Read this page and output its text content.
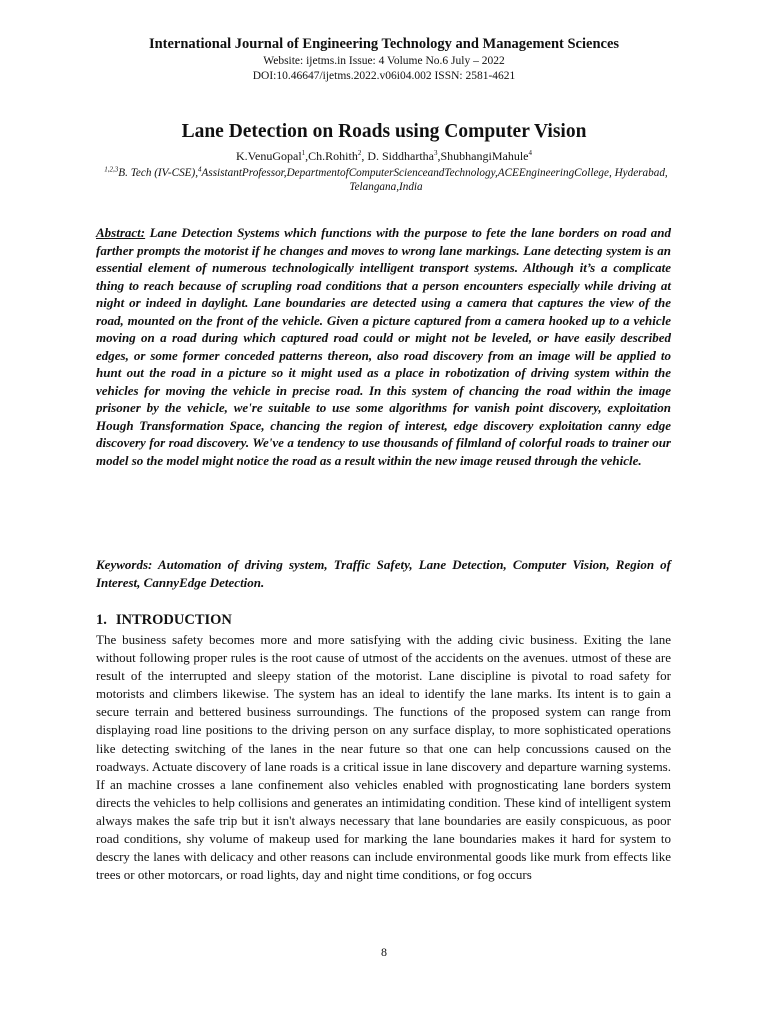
International Journal of Engineering Technology and Management Sciences
Website: ijetms.in Issue: 4 Volume No.6 July – 2022
DOI:10.46647/ijetms.2022.v06i04.002 ISSN: 2581-4621
Lane Detection on Roads using Computer Vision
K.VenuGopal$^1$,Ch.Rohith$^2$, D. Siddhartha$^3$,ShubhangiMahule$^4$
$^{1,2,3}$B. Tech (IV-CSE),$^4$AssistantProfessor,DepartmentofComputerScienceandTechnology,ACEEngineeringCollege, Hyderabad, Telangana,India
Abstract: Lane Detection Systems which functions with the purpose to fete the lane borders on road and farther prompts the motorist if he changes and moves to wrong lane markings. Lane detecting system is an essential element of numerous technologically intelligent transport systems. Although it’s a complicate thing to reach because of scrupling road conditions that a person encounters especially while driving at night or indeed in daylight. Lane boundaries are detected using a camera that captures the view of the road, mounted on the front of the vehicle. Given a picture captured from a camera hooked up to a vehicle moving on a road during which captured road could or might not be leveled, or have easily described edges, or some former conceded patterns thereon, also road discovery from an image will be applied to hunt out the road in a picture so it might used as a place in robotization of driving system within the vehicles for moving the vehicle in precise road. In this system of chancing the road within the image prisoner by the vehicle, we're suitable to use some algorithms for vanish point discovery, exploitation Hough Transformation Space, chancing the region of interest, edge discovery exploitation canny edge discovery for road discovery. We've a tendency to use thousands of filmland of colorful roads to trainer our model so the model might notice the road as a result within the new image reused through the vehicle.
Keywords: Automation of driving system, Traffic Safety, Lane Detection, Computer Vision, Region of Interest, CannyEdge Detection.
1. INTRODUCTION
The business safety becomes more and more satisfying with the adding civic business. Exiting the lane without following proper rules is the root cause of utmost of the accidents on the avenues. utmost of these are result of the interrupted and sleepy station of the motorist. Lane discipline is pivotal to road safety for motorists and climbers likewise. The system has an ideal to identify the lane marks. Its intent is to gain a secure terrain and bettered business surroundings. The functions of the proposed system can range from displaying road line positions to the driving person on any surface display, to more sophisticated operations like detecting switching of the lanes in the near future so that one can help concussions caused on the roadways. Actuate discovery of lane roads is a critical issue in lane discovery and departure warning systems. If an machine crosses a lane confinement also vehicles enabled with prognosticating lane borders system directs the vehicles to help collisions and generates an intimidating condition. These kind of intelligent system always makes the safe trip but it isn't always necessary that lane boundaries are easily conspicuous, as poor road conditions, shy volume of makeup used for marking the lane boundaries makes it hard for system to descry the lanes with delicacy and other reasons can include environmental goods like murk from effects like trees or other motorcars, or road lights, day and night time conditions, or fog occurs
8
